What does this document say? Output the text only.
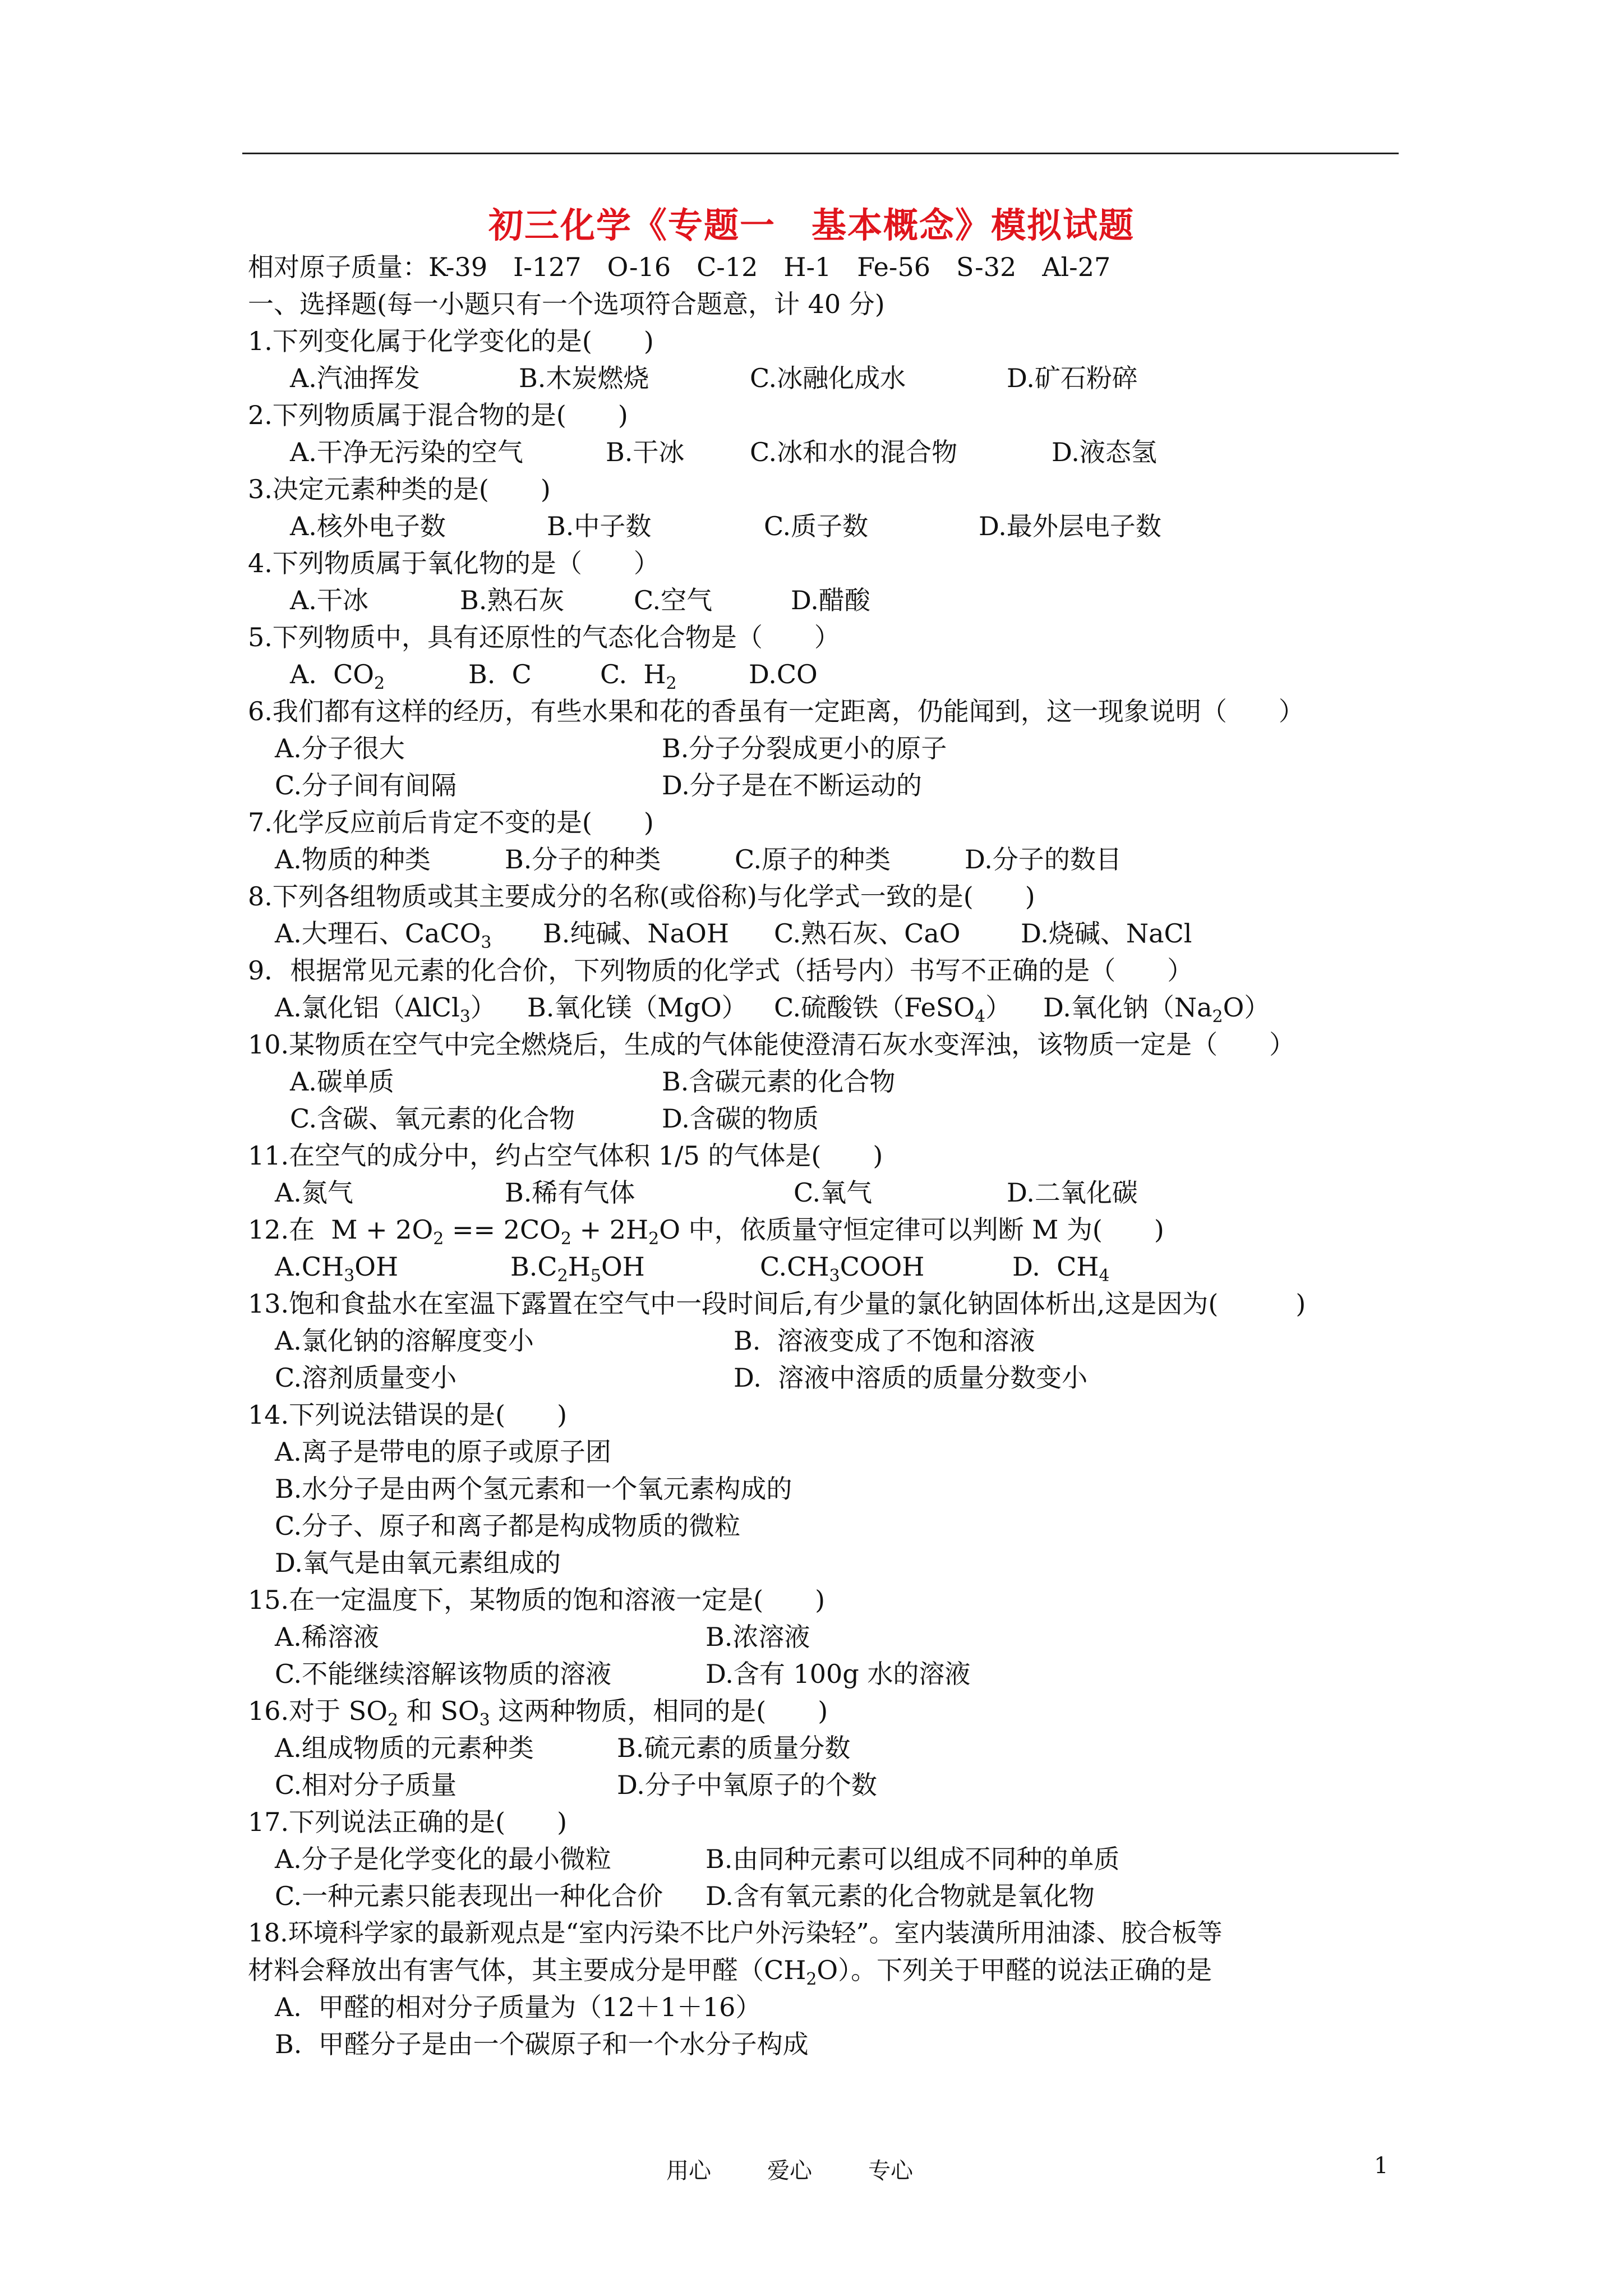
初三化学《专题一　基本概念》模拟试题
相对原子质量：K-39　I-127　O-16　C-12　H-1　Fe-56　S-32　Al-27
一、选择题(每一小题只有一个选项符合题意，计 40 分)
1.下列变化属于化学变化的是(　　)
A.汽油挥发	B.木炭燃烧	C.冰融化成水	D.矿石粉碎
2.下列物质属于混合物的是(　　)
A.干净无污染的空气	B.干冰	C.冰和水的混合物	D.液态氢
3.决定元素种类的是(　　)
A.核外电子数	B.中子数	C.质子数	D.最外层电子数
4.下列物质属于氧化物的是（　　）
A.干冰	B.熟石灰	C.空气	D.醋酸
5.下列物质中，具有还原性的气态化合物是（　　）
A.  $CO_2$	B.  C	C.  $H_2$	D.CO
6.我们都有这样的经历，有些水果和花的香虽有一定距离，仍能闻到，这一现象说明（　　）
A.分子很大	B.分子分裂成更小的原子
C.分子间有间隔	D.分子是在不断运动的
7.化学反应前后肯定不变的是(　　)
A.物质的种类	B.分子的种类	C.原子的种类	D.分子的数目
8.下列各组物质或其主要成分的名称(或俗称)与化学式一致的是(　　)
A.大理石、CaCO$_3$ B.纯碱、NaOH C.熟石灰、CaO D.烧碱、NaCl
9．根据常见元素的化合价，下列物质的化学式（括号内）书写不正确的是（　　）
A.氯化铝（AlCl$_3$） B.氧化镁（MgO） C.硫酸铁（FeSO$_4$） D.氧化钠$(Na_2O)$
10.某物质在空气中完全燃烧后，生成的气体能使澄清石灰水变浑浊，该物质一定是（　　）
A.碳单质	B.含碳元素的化合物
C.含碳、氧元素的化合物	D.含碳的物质
11.在空气的成分中，约占空气体积 1/5 的气体是(　　)
A.氮气	B.稀有气体	C.氧气	D.二氧化碳
12.在  $M + 2O_2 == 2CO_2 + 2H_2O$ 中，依质量守恒定律可以判断 M 为(　　)
$A.CH_3OH$	$B.C_2H_5OH$	$C.CH_3COOH$	D.  $CH_4$
13.饱和食盐水在室温下露置在空气中一段时间后,有少量的氯化钠固体析出,这是因为(　　　)
A.氯化钠的溶解度变小	B.  溶液变成了不饱和溶液
C.溶剂质量变小	D.  溶液中溶质的质量分数变小
14.下列说法错误的是(　　)
A.离子是带电的原子或原子团
B.水分子是由两个氢元素和一个氧元素构成的
C.分子、原子和离子都是构成物质的微粒
D.氧气是由氧元素组成的
15.在一定温度下，某物质的饱和溶液一定是(　　)
A.稀溶液	B.浓溶液
C.不能继续溶解该物质的溶液	D.含有 100g 水的溶液
16.对于 $SO_2$ 和 $SO_3$ 这两种物质，相同的是(　　)
A.组成物质的元素种类	B.硫元素的质量分数
C.相对分子质量	D.分子中氧原子的个数
17.下列说法正确的是(　　)
A.分子是化学变化的最小微粒	B.由同种元素可以组成不同种的单质
C.一种元素只能表现出一种化合价 D.含有氧元素的化合物就是氧化物
18.环境科学家的最新观点是“室内污染不比户外污染轻”。室内装潢所用油漆、胶合板等
材料会释放出有害气体，其主要成分是甲醛$(CH_2O)$。下列关于甲醛的说法正确的是
A.  甲醛的相对分子质量为（12＋1＋16）
B.  甲醛分子是由一个碳原子和一个水分子构成
用心	爱心	专心	1
